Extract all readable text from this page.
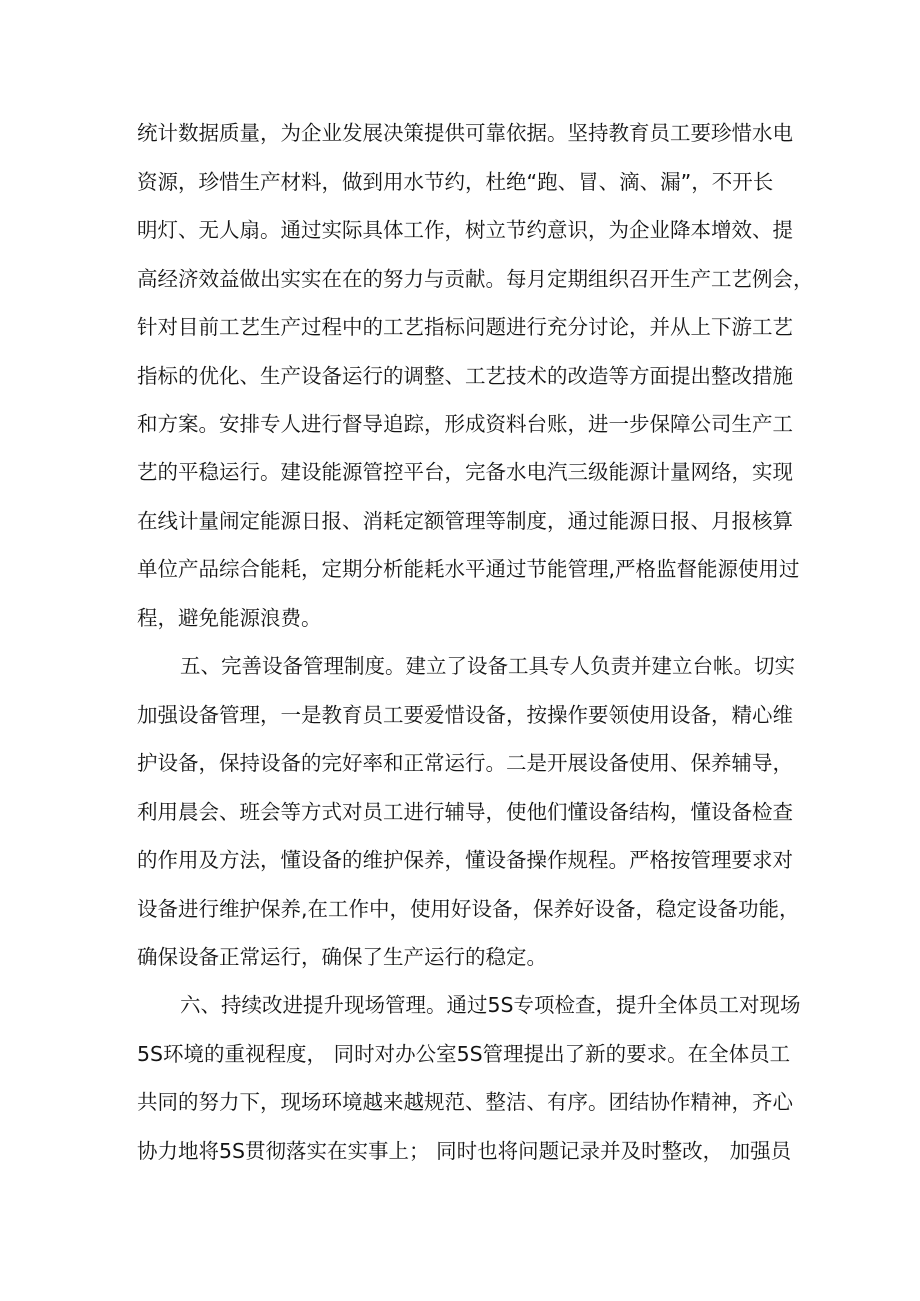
统计数据质量，为企业发展决策提供可靠依据。坚持教育员工要珍惜水电
资源，珍惜生产材料，做到用水节约，杜绝“跑、冒、滴、漏”，不开长
明灯、无人扇。通过实际具体工作，树立节约意识，为企业降本增效、提
高经济效益做出实实在在的努力与贡献。每月定期组织召开生产工艺例会，
针对目前工艺生产过程中的工艺指标问题进行充分讨论，并从上下游工艺
指标的优化、生产设备运行的调整、工艺技术的改造等方面提出整改措施
和方案。安排专人进行督导追踪，形成资料台账，进一步保障公司生产工
艺的平稳运行。建设能源管控平台，完备水电汽三级能源计量网络，实现
在线计量闹定能源日报、消耗定额管理等制度，通过能源日报、月报核算
单位产品综合能耗，定期分析能耗水平通过节能管理,严格监督能源使用过
程，避免能源浪费。
五、完善设备管理制度。建立了设备工具专人负责并建立台帐。切实
加强设备管理，一是教育员工要爱惜设备，按操作要领使用设备，精心维
护设备，保持设备的完好率和正常运行。二是开展设备使用、保养辅导，
利用晨会、班会等方式对员工进行辅导，使他们懂设备结构，懂设备检查
的作用及方法，懂设备的维护保养，懂设备操作规程。严格按管理要求对
设备进行维护保养,在工作中，使用好设备，保养好设备，稳定设备功能，
确保设备正常运行，确保了生产运行的稳定。
六、持续改进提升现场管理。通过5S专项检查，提升全体员工对现场
5S环境的重视程度， 同时对办公室5S管理提出了新的要求。在全体员工
共同的努力下，现场环境越来越规范、整洁、有序。团结协作精神，齐心
协力地将5S贯彻落实在实事上； 同时也将问题记录并及时整改， 加强员
